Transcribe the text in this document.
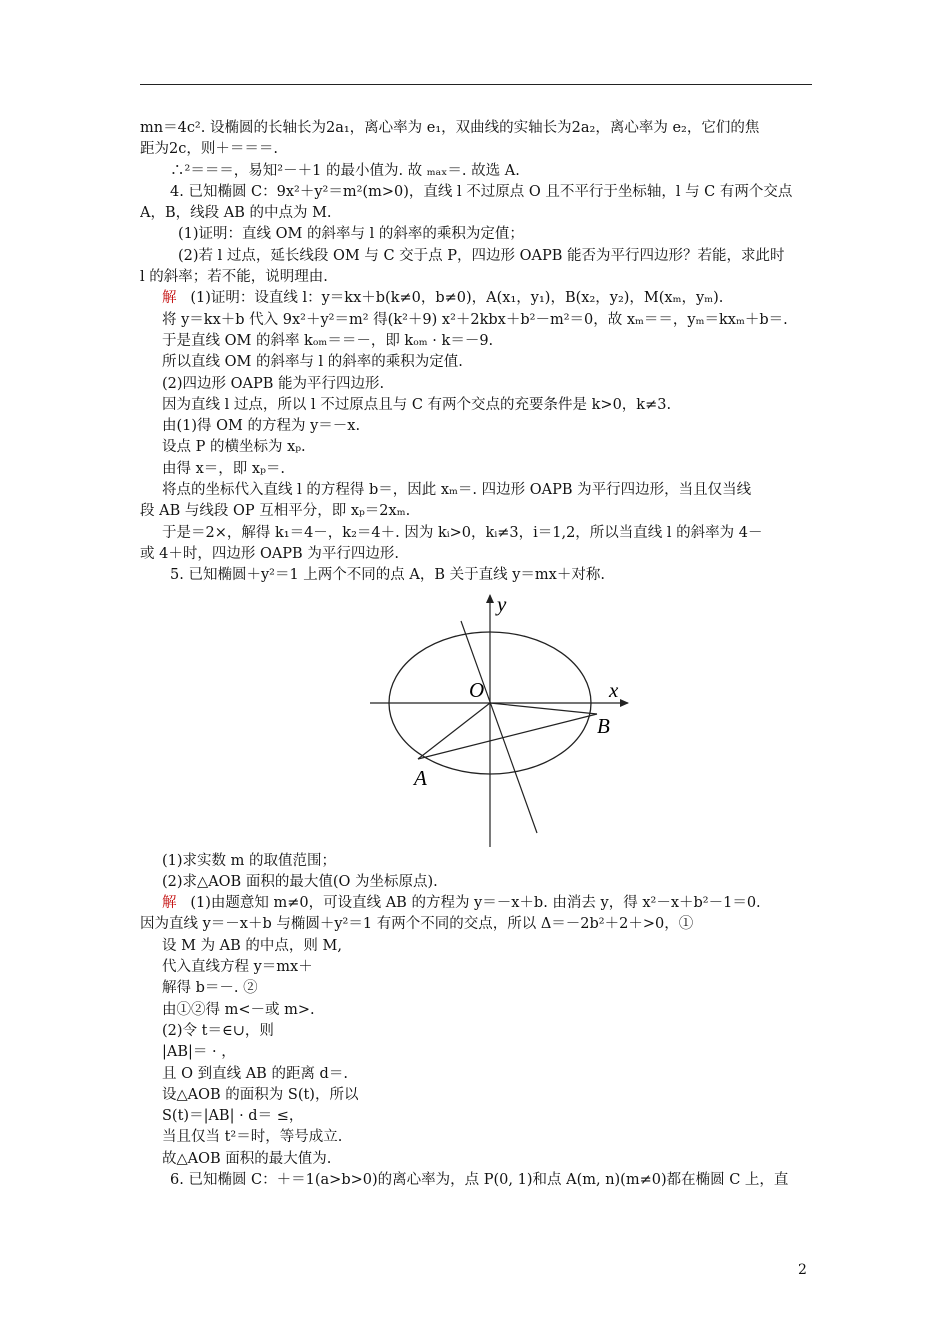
mn＝4c². 设椭圆的长轴长为2a₁，离心率为 e₁，双曲线的实轴长为2a₂，离心率为 e₂，它们的焦
距为2c，则＋＝＝＝.
∴²＝＝＝，易知²－＋1 的最小值为. 故 ₘₐₓ＝. 故选 A.
4. 已知椭圆 C：9x²＋y²＝m²(m>0)，直线 l 不过原点 O 且不平行于坐标轴，l 与 C 有两个交点
A，B，线段 AB 的中点为 M.
(1)证明：直线 OM 的斜率与 l 的斜率的乘积为定值；
(2)若 l 过点，延长线段 OM 与 C 交于点 P，四边形 OAPB 能否为平行四边形？若能，求此时
l 的斜率；若不能，说明理由.
解 (1)证明：设直线 l：y＝kx＋b(k≠0，b≠0)，A(x₁，y₁)，B(x₂，y₂)，M(xₘ，yₘ).
将 y＝kx＋b 代入 9x²＋y²＝m² 得(k²＋9) x²＋2kbx＋b²－m²＝0，故 xₘ＝＝，yₘ＝kxₘ＋b＝.
于是直线 OM 的斜率 kₒₘ＝＝－，即 kₒₘ · k＝－9.
所以直线 OM 的斜率与 l 的斜率的乘积为定值.
(2)四边形 OAPB 能为平行四边形.
因为直线 l 过点，所以 l 不过原点且与 C 有两个交点的充要条件是 k>0，k≠3.
由(1)得 OM 的方程为 y＝－x.
设点 P 的横坐标为 xₚ.
由得 x＝，即 xₚ＝.
将点的坐标代入直线 l 的方程得 b＝，因此 xₘ＝. 四边形 OAPB 为平行四边形，当且仅当线
段 AB 与线段 OP 互相平分，即 xₚ＝2xₘ.
于是＝2×，解得 k₁＝4－，k₂＝4＋. 因为 kᵢ>0，kᵢ≠3，i＝1,2，所以当直线 l 的斜率为 4－
或 4＋时，四边形 OAPB 为平行四边形.
5. 已知椭圆＋y²＝1 上两个不同的点 A，B 关于直线 y＝mx＋对称.
y
x
O
A
B
(1)求实数 m 的取值范围；
(2)求△AOB 面积的最大值(O 为坐标原点).
解 (1)由题意知 m≠0，可设直线 AB 的方程为 y＝－x＋b. 由消去 y，得 x²－x＋b²－1＝0.
因为直线 y＝－x＋b 与椭圆＋y²＝1 有两个不同的交点，所以 Δ＝－2b²＋2＋>0，①
设 M 为 AB 的中点，则 M,
代入直线方程 y＝mx＋
解得 b＝－. ②
由①②得 m<－或 m>.
(2)令 t＝∈∪，则
|AB|＝ · ，
且 O 到直线 AB 的距离 d＝.
设△AOB 的面积为 S(t)，所以
S(t)＝|AB| · d＝ ≤，
当且仅当 t²＝时，等号成立.
故△AOB 面积的最大值为.
6. 已知椭圆 C：＋＝1(a>b>0)的离心率为，点 P(0, 1)和点 A(m, n)(m≠0)都在椭圆 C 上，直
2
